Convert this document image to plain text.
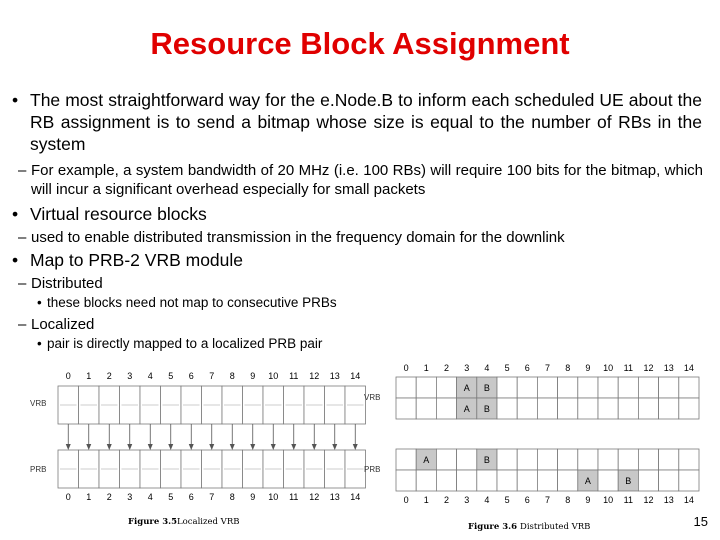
Resource Block Assignment
• The most straightforward way for the e.Node.B to inform each scheduled UE about the RB assignment is to send a bitmap whose size is equal to the number of RBs in the system
– For example, a system bandwidth of 20 MHz (i.e. 100 RBs) will require 100 bits for the bitmap, which will incur a significant overhead especially for small packets
• Virtual resource blocks
– used to enable distributed transmission in the frequency domain for the downlink
• Map to PRB-2 VRB module
– Distributed
• these blocks need not map to consecutive PRBs
– Localized
• pair is directly mapped to a localized PRB pair
0 1 2 3 4 5 6 7 8 9 10 11 12 13 14
VRB
PRB
0 1 2 3 4 5 6 7 8 9 10 11 12 13 14
Figure 3.5 Localized VRB
0 1 2 3 4 5 6 7 8 9 10 11 12 13 14
A B
A B
VRB
A	B
A	B
PRB
0 1 2 3 4 5 6 7 8 9 10 11 12 13 14
Figure 3.6 Distributed VRB	15
